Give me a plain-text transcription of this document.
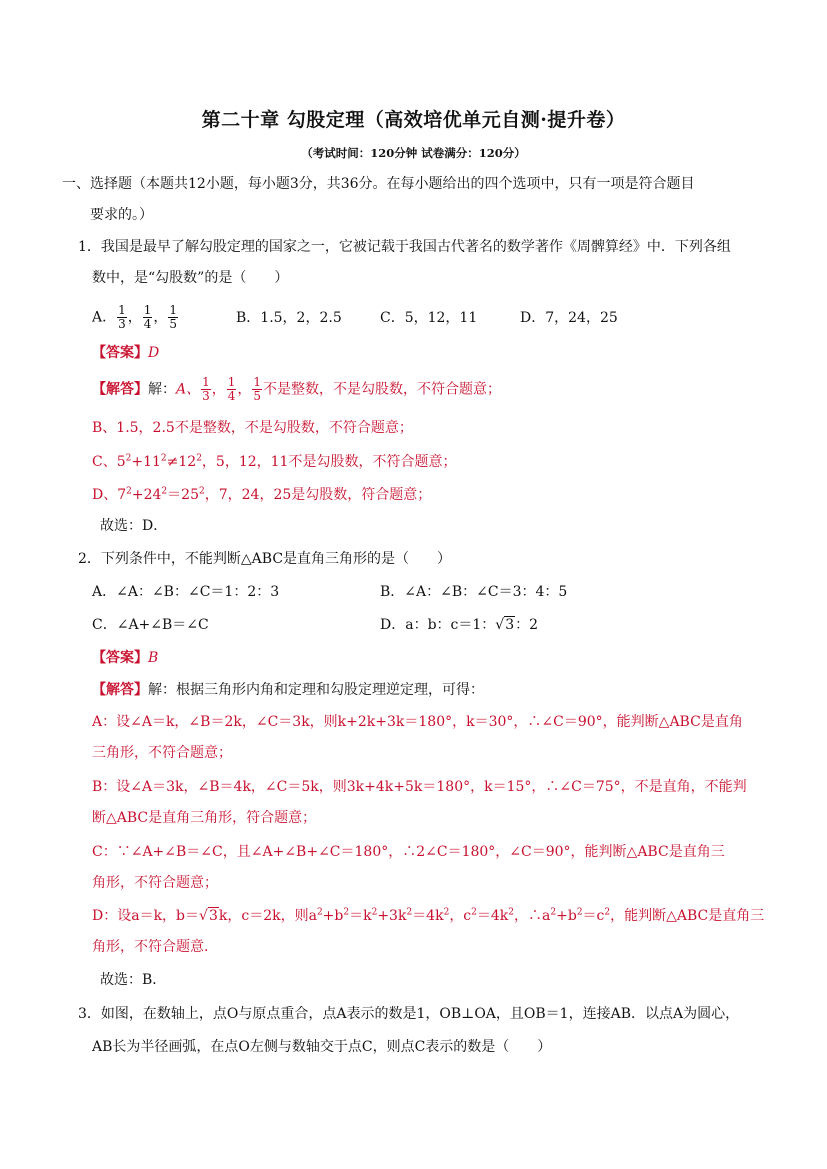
第二十章 勾股定理（高效培优单元自测·提升卷）
（考试时间：120分钟 试卷满分：120分）
一、选择题（本题共12小题，每小题3分，共36分。在每小题给出的四个选项中，只有一项是符合题目
要求的。）
1．我国是最早了解勾股定理的国家之一，它被记载于我国古代著名的数学著作《周髀算经》中．下列各组
数中，是“勾股数”的是（　　）
A． $\frac{1}{3}$ ， $\frac{1}{4}$ ， $\frac{1}{5}$	B．1.5，2，2.5	C．5，12，11	D．7，24，25
【答案】D
【解答】解：A、 $\frac{1}{3}$ ， $\frac{1}{4}$ ， $\frac{1}{5}$ 不是整数，不是勾股数，不符合题意；
B、1.5，2.5不是整数，不是勾股数，不符合题意；
C、$5^2+11^2\ne 12^2$，5，12，11不是勾股数，不符合题意；
D、$7^2+24^2=25^2$，7，24，25是勾股数，符合题意；
故选：D．
2．下列条件中，不能判断△ABC是直角三角形的是（　　）
A．∠A：∠B：∠C＝1：2：3	B．∠A：∠B：∠C＝3：4：5
C．∠A+∠B＝∠C	D．a：b：c＝1：√3：2
【答案】B
【解答】解：根据三角形内角和定理和勾股定理逆定理，可得：
A：设∠A＝k，∠B＝2k，∠C＝3k，则k+2k+3k＝180°，k＝30°，∴∠C＝90°，能判断△ABC是直角
三角形，不符合题意；
B：设∠A＝3k，∠B＝4k，∠C＝5k，则3k+4k+5k＝180°，k＝15°，∴∠C＝75°，不是直角，不能判
断△ABC是直角三角形，符合题意；
C：∵∠A+∠B＝∠C，且∠A+∠B+∠C＝180°，∴2∠C＝180°，∠C＝90°，能判断△ABC是直角三
角形，不符合题意；
D：设a＝k，b＝√3k，c＝2k，则$a^2+b^2=k^2+3k^2=4k^2$，$c^2=4k^2$，$\therefore a^2+b^2=c^2$，能判断△ABC是直角三
角形，不符合题意．
故选：B．
3．如图，在数轴上，点O与原点重合，点A表示的数是1，OB⊥OA，且OB＝1，连接AB．以点A为圆心，
AB长为半径画弧，在点O左侧与数轴交于点C，则点C表示的数是（　　）
